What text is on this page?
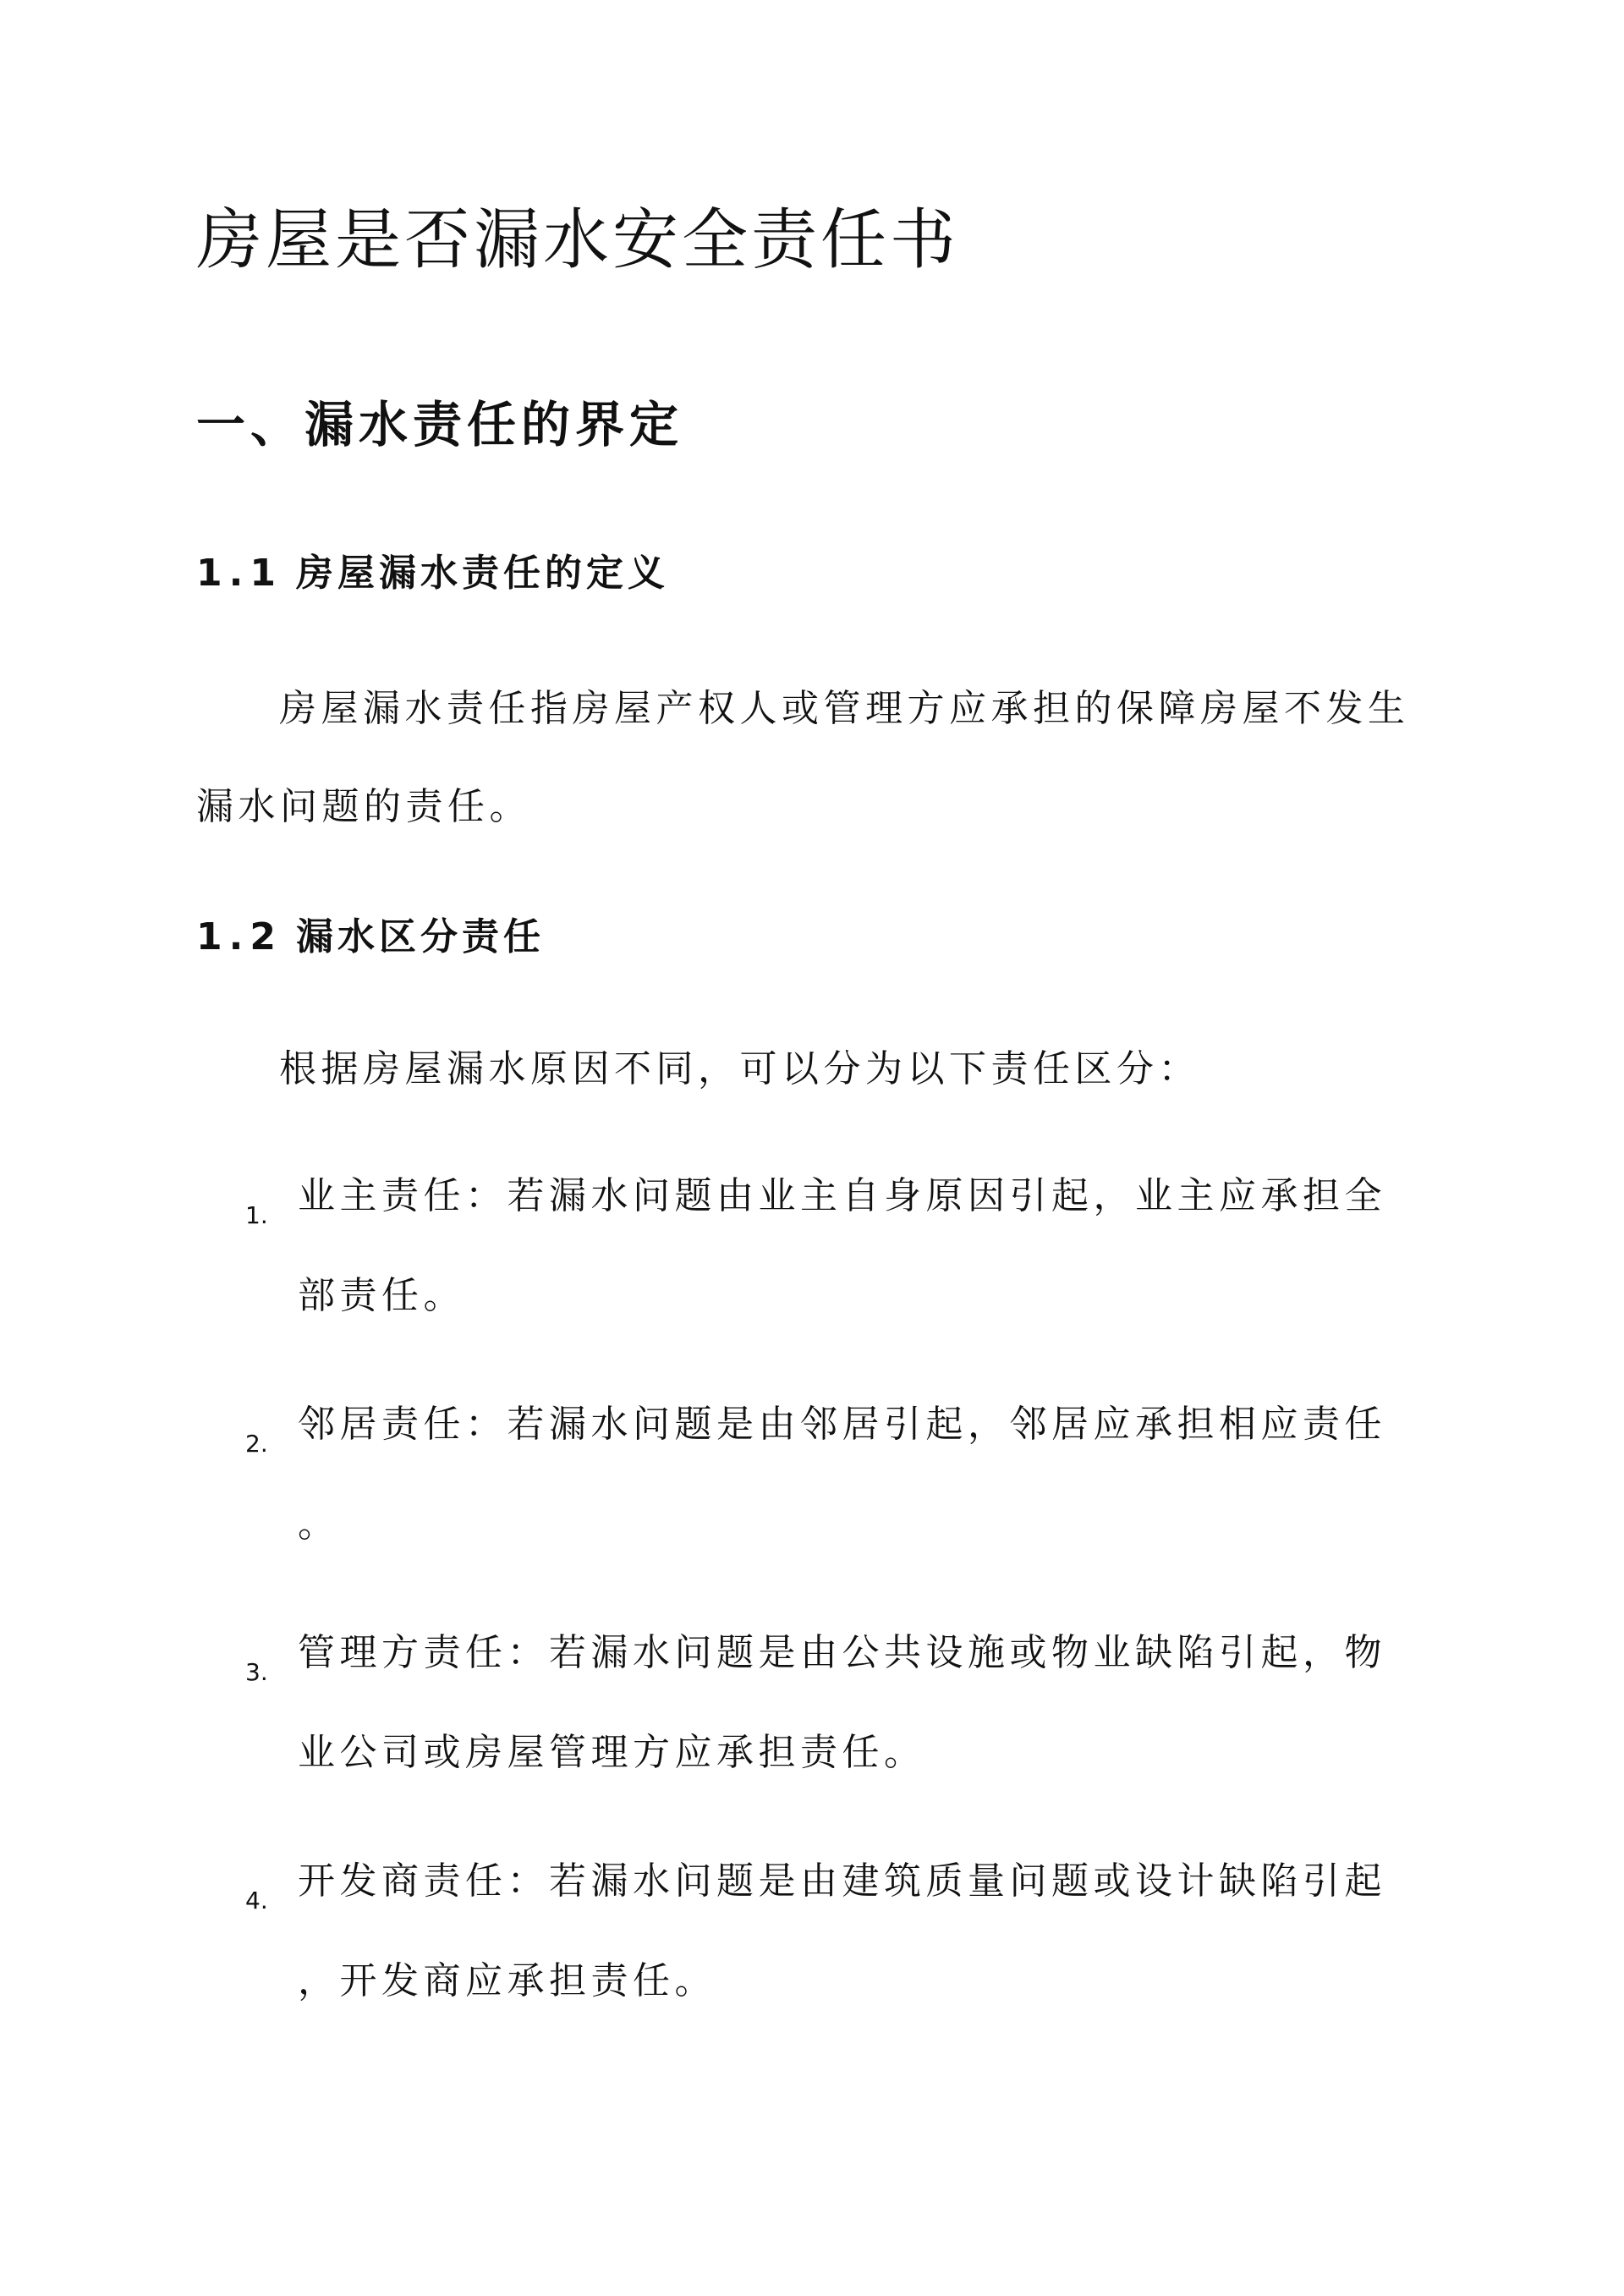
房屋是否漏水安全责任书
一、漏水责任的界定
1.1 房屋漏水责任的定义

房屋漏水责任指房屋产权人或管理方应承担的保障房屋不发生

漏水问题的责任。

1.2 漏水区分责任

根据房屋漏水原因不同，可以分为以下责任区分：

1. 业主责任：若漏水问题由业主自身原因引起，业主应承担全

部责任。

2. 邻居责任：若漏水问题是由邻居引起，邻居应承担相应责任

。

3. 管理方责任：若漏水问题是由公共设施或物业缺陷引起，物

业公司或房屋管理方应承担责任。

4. 开发商责任：若漏水问题是由建筑质量问题或设计缺陷引起

，开发商应承担责任。
